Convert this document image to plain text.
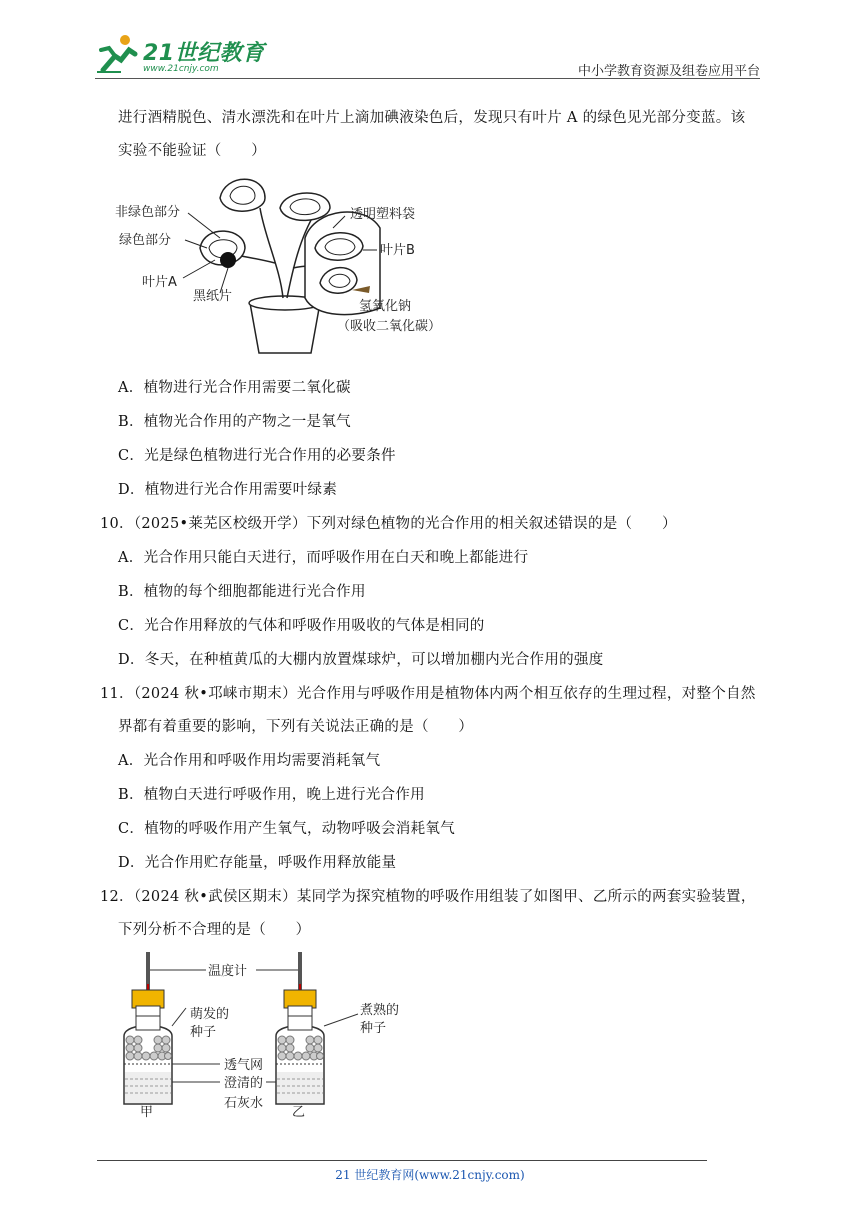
21世纪教育
www.21cnjy.com	中小学教育资源及组卷应用平台
进行酒精脱色、清水漂洗和在叶片上滴加碘液染色后，发现只有叶片 A 的绿色见光部分变蓝。该
实验不能验证（　　）
非绿色部分
绿色部分
叶片A
黑纸片
透明塑料袋
叶片B
氢氧化钠
（吸收二氧化碳）
A．植物进行光合作用需要二氧化碳
B．植物光合作用的产物之一是氧气
C．光是绿色植物进行光合作用的必要条件
D．植物进行光合作用需要叶绿素
10．（2025•莱芜区校级开学）下列对绿色植物的光合作用的相关叙述错误的是（　　）
A．光合作用只能白天进行，而呼吸作用在白天和晚上都能进行
B．植物的每个细胞都能进行光合作用
C．光合作用释放的气体和呼吸作用吸收的气体是相同的
D．冬天，在种植黄瓜的大棚内放置煤球炉，可以增加棚内光合作用的强度
11．（2024 秋•邛崃市期末）光合作用与呼吸作用是植物体内两个相互依存的生理过程，对整个自然
界都有着重要的影响，下列有关说法正确的是（　　）
A．光合作用和呼吸作用均需要消耗氧气
B．植物白天进行呼吸作用，晚上进行光合作用
C．植物的呼吸作用产生氧气，动物呼吸会消耗氧气
D．光合作用贮存能量，呼吸作用释放能量
12．（2024 秋•武侯区期末）某同学为探究植物的呼吸作用组装了如图甲、乙所示的两套实验装置，
下列分析不合理的是（　　）
温度计
萌发的
种子
煮熟的
种子
透气网
澄清的
石灰水
甲	乙
21 世纪教育网(www.21cnjy.com)
